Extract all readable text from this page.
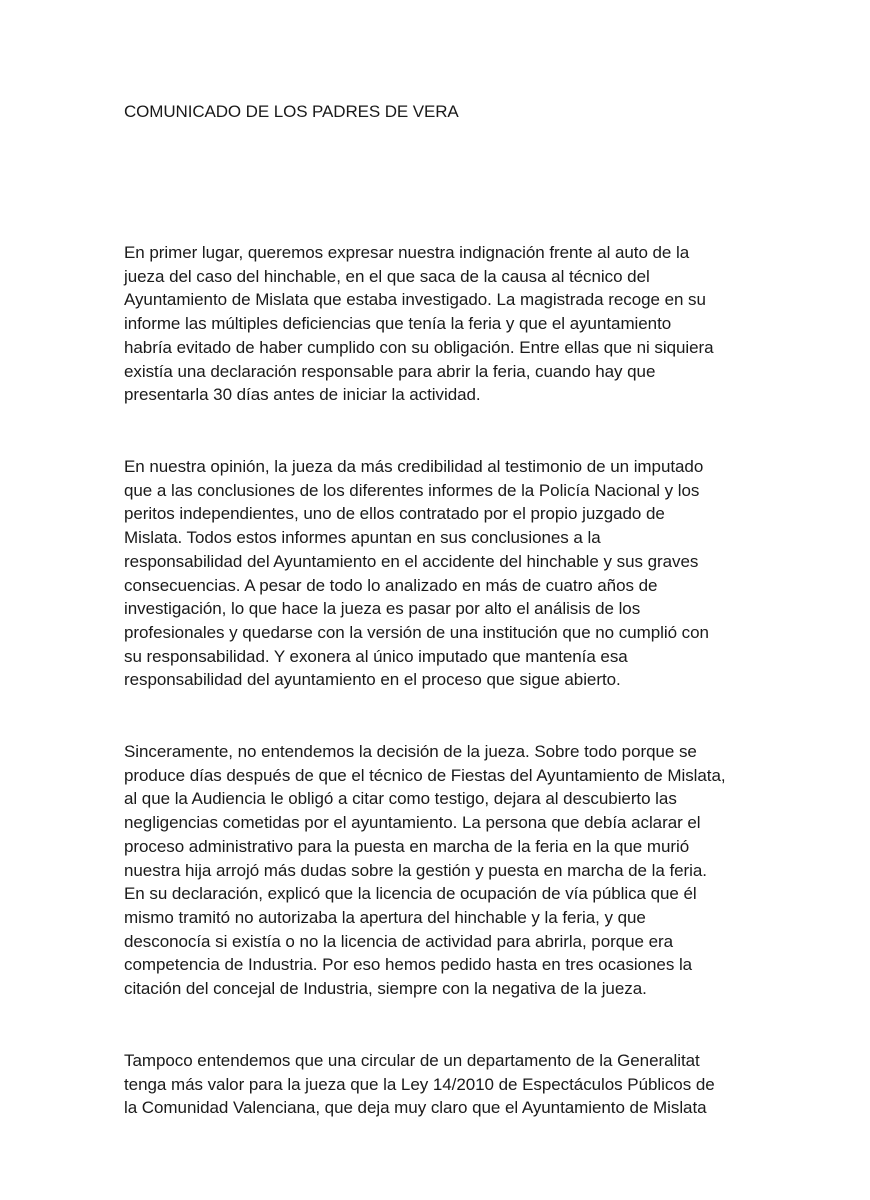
COMUNICADO DE LOS PADRES DE VERA
En primer lugar, queremos expresar nuestra indignación frente al auto de la
jueza del caso del hinchable, en el que saca de la causa al técnico del
Ayuntamiento de Mislata que estaba investigado. La magistrada recoge en su
informe las múltiples deficiencias que tenía la feria y que el ayuntamiento
habría evitado de haber cumplido con su obligación. Entre ellas que ni siquiera
existía una declaración responsable para abrir la feria, cuando hay que
presentarla 30 días antes de iniciar la actividad.
En nuestra opinión, la jueza da más credibilidad al testimonio de un imputado
que a las conclusiones de los diferentes informes de la Policía Nacional y los
peritos independientes, uno de ellos contratado por el propio juzgado de
Mislata. Todos estos informes apuntan en sus conclusiones a la
responsabilidad del Ayuntamiento en el accidente del hinchable y sus graves
consecuencias. A pesar de todo lo analizado en más de cuatro años de
investigación, lo que hace la jueza es pasar por alto el análisis de los
profesionales y quedarse con la versión de una institución que no cumplió con
su responsabilidad. Y exonera al único imputado que mantenía esa
responsabilidad del ayuntamiento en el proceso que sigue abierto.
Sinceramente, no entendemos la decisión de la jueza. Sobre todo porque se
produce días después de que el técnico de Fiestas del Ayuntamiento de Mislata,
al que la Audiencia le obligó a citar como testigo, dejara al descubierto las
negligencias cometidas por el ayuntamiento. La persona que debía aclarar el
proceso administrativo para la puesta en marcha de la feria en la que murió
nuestra hija arrojó más dudas sobre la gestión y puesta en marcha de la feria.
En su declaración, explicó que la licencia de ocupación de vía pública que él
mismo tramitó no autorizaba la apertura del hinchable y la feria, y que
desconocía si existía o no la licencia de actividad para abrirla, porque era
competencia de Industria. Por eso hemos pedido hasta en tres ocasiones la
citación del concejal de Industria, siempre con la negativa de la jueza.
Tampoco entendemos que una circular de un departamento de la Generalitat
tenga más valor para la jueza que la Ley 14/2010 de Espectáculos Públicos de
la Comunidad Valenciana, que deja muy claro que el Ayuntamiento de Mislata
